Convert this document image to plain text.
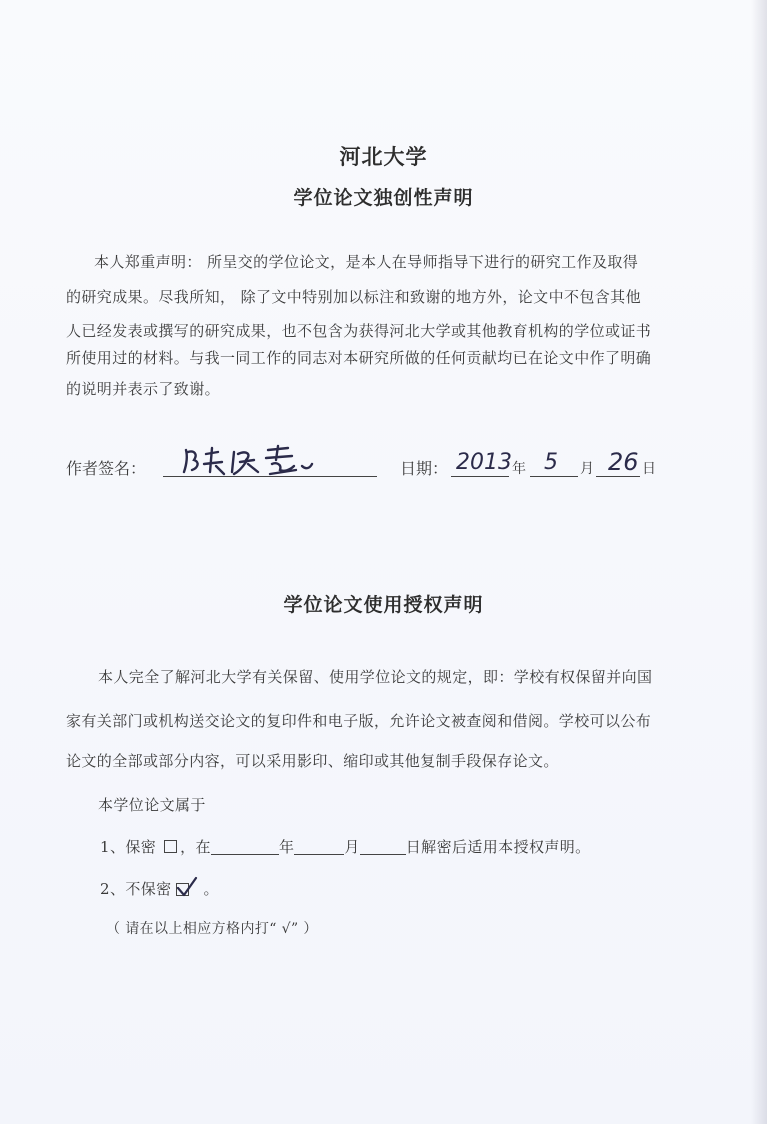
河北大学
学位论文独创性声明
本人郑重声明： 所呈交的学位论文，是本人在导师指导下进行的研究工作及取得
的研究成果。尽我所知， 除了文中特别加以标注和致谢的地方外，论文中不包含其他
人已经发表或撰写的研究成果，也不包含为获得河北大学或其他教育机构的学位或证书
所使用过的材料。与我一同工作的同志对本研究所做的任何贡献均已在论文中作了明确
的说明并表示了致谢。
作者签名：	日期： 2013 年 5 月 26 日
学位论文使用授权声明
本人完全了解河北大学有关保留、使用学位论文的规定，即：学校有权保留并向国
家有关部门或机构送交论文的复印件和电子版，允许论文被查阅和借阅。学校可以公布
论文的全部或部分内容，可以采用影印、缩印或其他复制手段保存论文。
本学位论文属于
1、保密 ，在	年	月	日解密后适用本授权声明。
2、不保密 。
（ 请在以上相应方格内打“ √” ）
